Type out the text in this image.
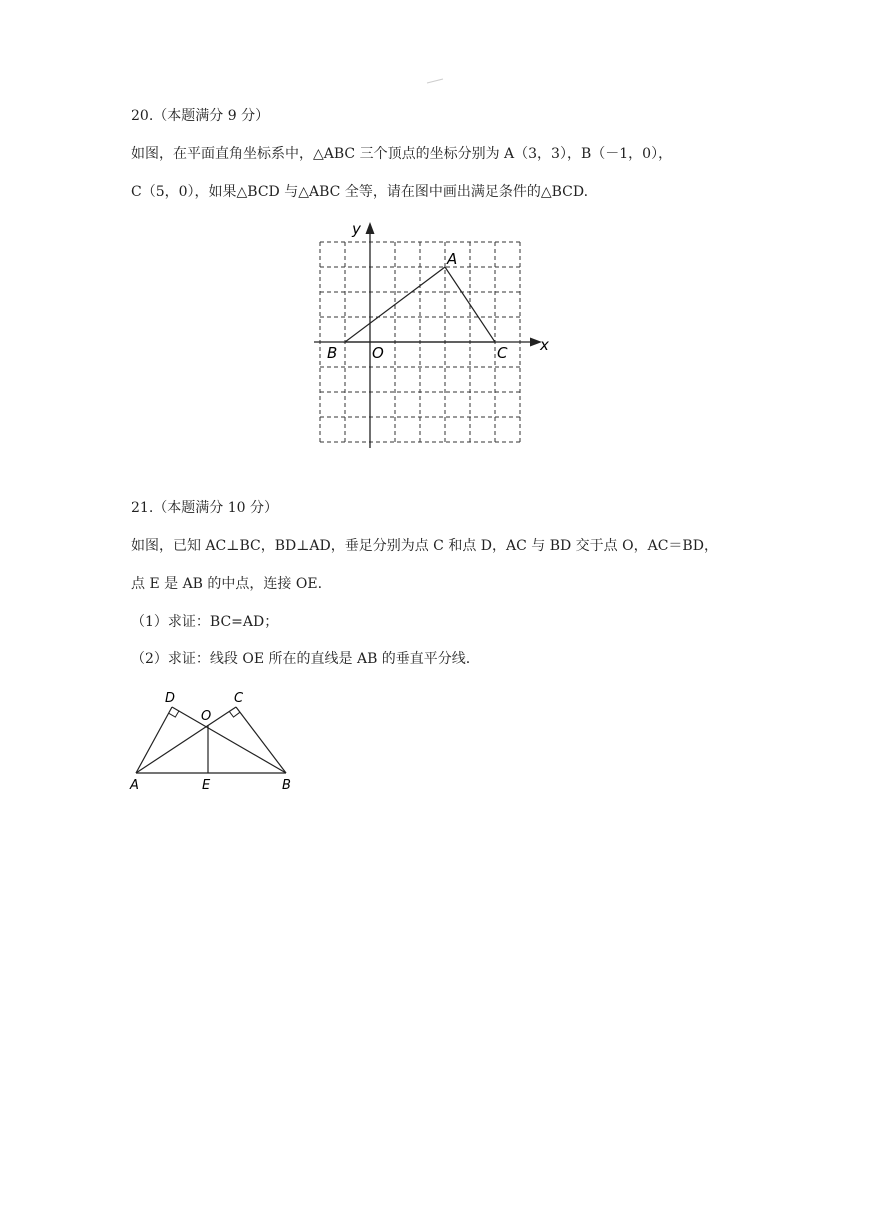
20.（本题满分 9 分）
如图，在平面直角坐标系中，△ABC 三个顶点的坐标分别为 A（3，3），B（－1，0），
C（5，0），如果△BCD 与△ABC 全等，请在图中画出满足条件的△BCD.
y
x
A
B O	C
21.（本题满分 10 分）
如图，已知 AC⊥BC，BD⊥AD，垂足分别为点 C 和点 D，AC 与 BD 交于点 O，AC＝BD，
点 E 是 AB 的中点，连接 OE.
（1）求证：BC=AD；
（2）求证：线段 OE 所在的直线是 AB 的垂直平分线.
D	C
O
A	E	B
